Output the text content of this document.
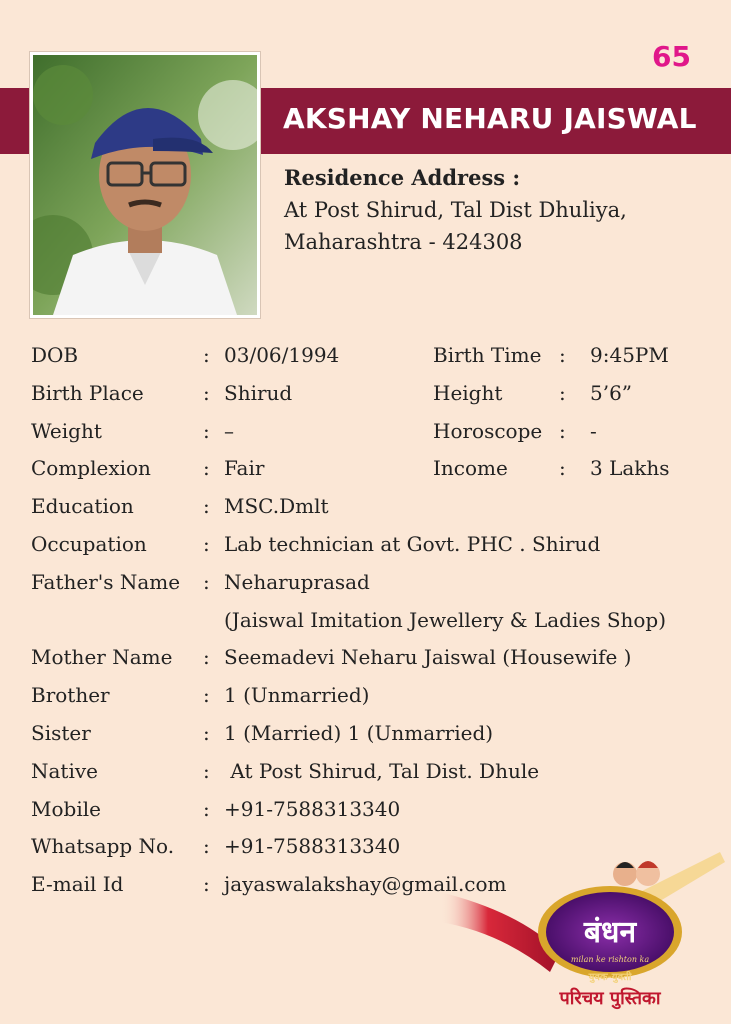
65
AKSHAY NEHARU JAISWAL
Residence Address :
At Post Shirud, Tal Dist Dhuliya,
Maharashtra - 424308
DOB	: 03/06/1994	Birth Time : 9:45PM
Birth Place	: Shirud	Height	: 5’6”
Weight	: –	Horoscope : -
Complexion	: Fair	Income	: 3 Lakhs
Education	: MSC.Dmlt
Occupation	: Lab technician at Govt. PHC . Shirud
Father's Name : Neharuprasad
(Jaiswal Imitation Jewellery & Ladies Shop)
Mother Name : Seemadevi Neharu Jaiswal (Housewife )
Brother	: 1 (Unmarried)
Sister	: 1 (Married) 1 (Unmarried)
Native	: At Post Shirud, Tal Dist. Dhule
Mobile	: +91-7588313340
Whatsapp No. : +91-7588313340
E-mail Id	: jayaswalakshay@gmail.com
बंधन
milan ke rishton ka
युवक-युवती
परिचय पुस्तिका
